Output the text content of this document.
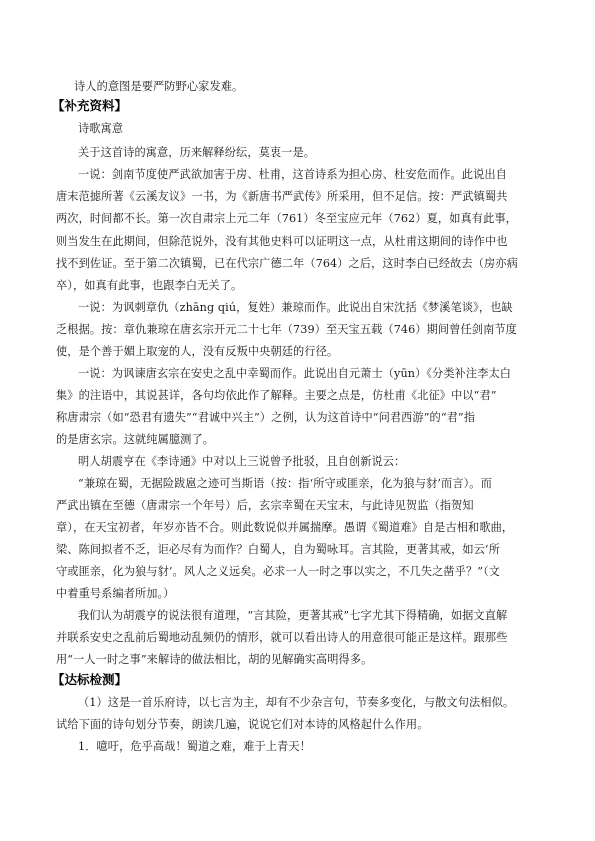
诗人的意图是要严防野心家发难。
【补充资料】
诗歌寓意
关于这首诗的寓意，历来解释纷纭，莫衷一是。
一说：剑南节度使严武欲加害于房、杜甫，这首诗系为担心房、杜安危而作。此说出自
唐末范摅所著《云溪友议》一书，为《新唐书严武传》所采用，但不足信。按：严武镇蜀共
两次，时间都不长。第一次自肃宗上元二年（761）冬至宝应元年（762）夏，如真有此事，
则当发生在此期间，但除范说外，没有其他史料可以证明这一点，从杜甫这期间的诗作中也
找不到佐证。至于第二次镇蜀，已在代宗广德二年（764）之后，这时李白已经故去（房亦病
卒），如真有此事，也跟李白无关了。
一说：为讽刺章仇（zhāng qiú，复姓）兼琼而作。此说出自宋沈括《梦溪笔谈》，也缺
乏根据。按：章仇兼琼在唐玄宗开元二十七年（739）至天宝五载（746）期间曾任剑南节度
使，是个善于媚上取宠的人，没有反叛中央朝廷的行径。
一说：为讽谏唐玄宗在安史之乱中幸蜀而作。此说出自元萧士（yūn）《分类补注李太白
集》的注语中，其说甚详，各句均依此作了解释。主要之点是，仿杜甫《北征》中以“君”
称唐肃宗（如“恐君有遗失”“君诚中兴主”）之例，认为这首诗中“问君西游”的“君”指
的是唐玄宗。这就纯属臆测了。
明人胡震亨在《李诗通》中对以上三说曾予批驳，且自创新说云：
“兼琼在蜀，无据险跋扈之迹可当斯语（按：指‘所守或匪亲，化为狼与豺’而言）。而
严武出镇在至德（唐肃宗一个年号）后，玄宗幸蜀在天宝末，与此诗见贺监（指贺知
章），在天宝初者，年岁亦皆不合。则此数说似并属揣摩。愚谓《蜀道难》自是古相和歌曲，
梁、陈间拟者不乏，讵必尽有为而作？白蜀人，自为蜀咏耳。言其险，更著其戒，如云‘所
守或匪亲，化为狼与豺’。风人之义远矣。必求一人一时之事以实之，不几失之凿乎？”（文
中着重号系编者所加。）
我们认为胡震亨的说法很有道理，“言其险，更著其戒”七字尤其下得精确，如据文直解
并联系安史之乱前后蜀地动乱频仍的情形，就可以看出诗人的用意很可能正是这样。跟那些
用“一人一时之事”来解诗的做法相比，胡的见解确实高明得多。
【达标检测】
（1）这是一首乐府诗，以七言为主，却有不少杂言句，节奏多变化，与散文句法相似。
试给下面的诗句划分节奏，朗读几遍，说说它们对本诗的风格起什么作用。
1．噫吁，危乎高哉！蜀道之难，难于上青天！
